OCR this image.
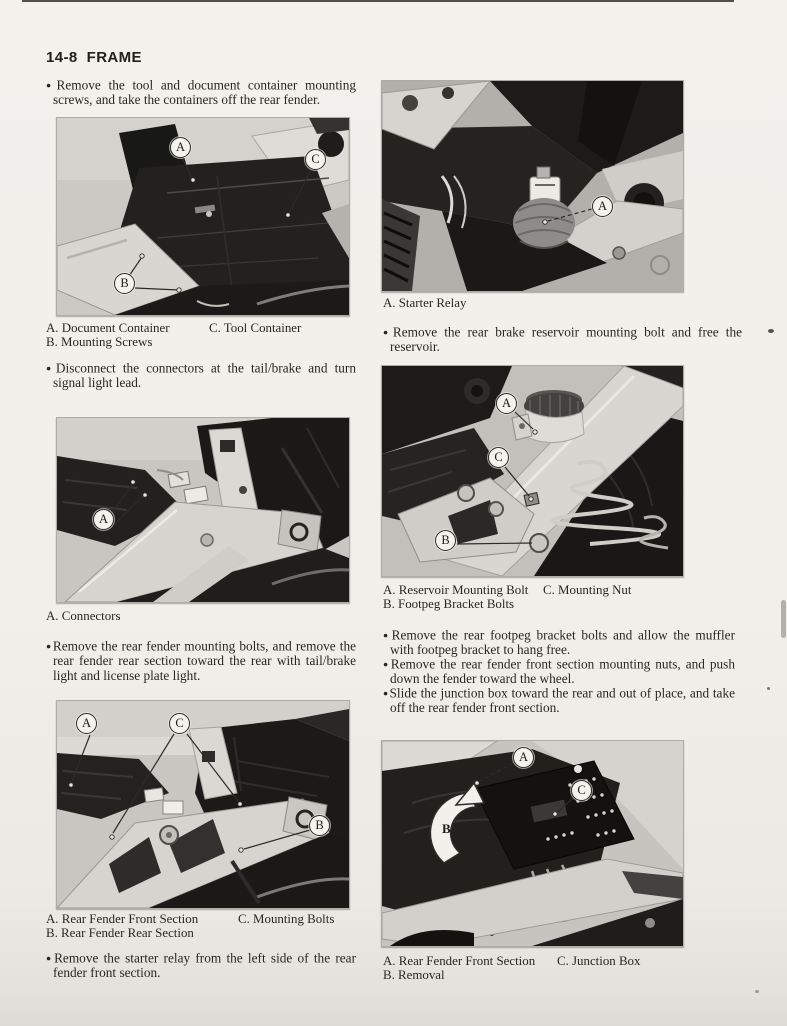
14-8 FRAME

●Remove the tool and document container mounting screws, and take the containers off the rear fender.

A
C
B
A. Document Container	C. Tool Container
B. Mounting Screws

●Disconnect the connectors at the tail/brake and turn signal light lead.

A
A. Connectors

●Remove the rear fender mounting bolts, and remove the rear fender rear section toward the rear with tail/​brake light and license plate light.

A	C
B
A. Rear Fender Front Section	C. Mounting Bolts
B. Rear Fender Rear Section

●Remove the starter relay from the left side of the rear fender front section.

A
A. Starter Relay

●Remove the rear brake reservoir mounting bolt and free the reservoir.

A
C
B
A. Reservoir Mounting Bolt	C. Mounting Nut
B. Footpeg Bracket Bolts

●Remove the rear footpeg bracket bolts and allow the muffler with footpeg bracket to hang free.

●Remove the rear fender front section mounting nuts, and push down the fender toward the wheel.

●Slide the junction box toward the rear and out of place, and take off the rear fender front section.

A
C
B
A. Rear Fender Front Section	C. Junction Box
B. Removal
